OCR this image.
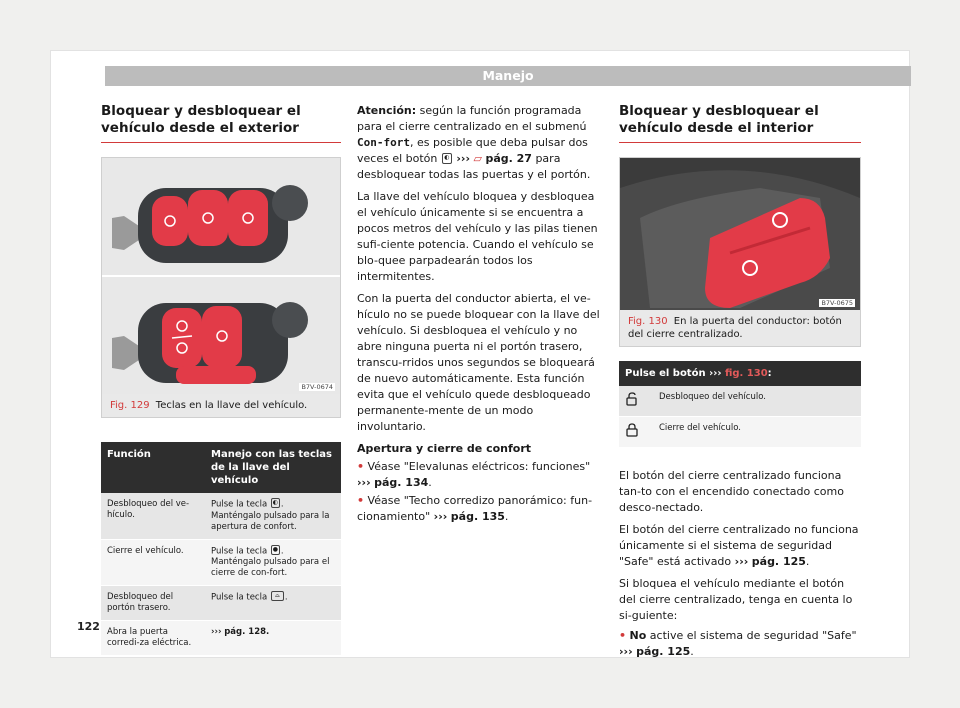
Manejo
Bloquear y desbloquear el vehículo desde el exterior
B7V-0674
Fig. 129 Teclas en la llave del vehículo.
Función	Manejo con las teclas de la llave del vehículo
Desbloqueo del ve-hículo.	Pulse la tecla ◐ . Manténgalo pulsado para la apertura de confort.
Cierre el vehículo.	Pulse la tecla ● . Manténgalo pulsado para el cierre de con-fort.
Desbloqueo del portón trasero.	Pulse la tecla ⌓ .
Abra la puerta corredi-za eléctrica.	››› pág. 128.

Atención: según la función programada para el cierre centralizado en el submenú Con-fort, es posible que deba pulsar dos veces el botón ◐ ››› ▱ pág. 27 para desbloquear todas las puertas y el portón.

La llave del vehículo bloquea y desbloquea el vehículo únicamente si se encuentra a pocos metros del vehículo y las pilas tienen sufi-ciente potencia. Cuando el vehículo se blo-quee parpadearán todos los intermitentes.

Con la puerta del conductor abierta, el ve-hículo no se puede bloquear con la llave del vehículo. Si desbloquea el vehículo y no abre ninguna puerta ni el portón trasero, transcu-rridos unos segundos se bloqueará de nuevo automáticamente. Esta función evita que el vehículo quede desbloqueado permanente-mente de un modo involuntario.

Apertura y cierre de confort

• Véase "Elevalunas eléctricos: funciones" ››› pág. 134.

• Véase "Techo corredizo panorámico: fun-cionamiento" ››› pág. 135.

Bloquear y desbloquear el vehículo desde el interior
B7V-0675
Fig. 130 En la puerta del conductor: botón del cierre centralizado.
Pulse el botón ››› fig. 130:	
	Desbloqueo del vehículo.
	Cierre del vehículo.

El botón del cierre centralizado funciona tan-to con el encendido conectado como desco-nectado.

El botón del cierre centralizado no funciona únicamente si el sistema de seguridad "Safe" está activado ››› pág. 125.

Si bloquea el vehículo mediante el botón del cierre centralizado, tenga en cuenta lo si-guiente:

• No active el sistema de seguridad "Safe"
››› pág. 125.

122
